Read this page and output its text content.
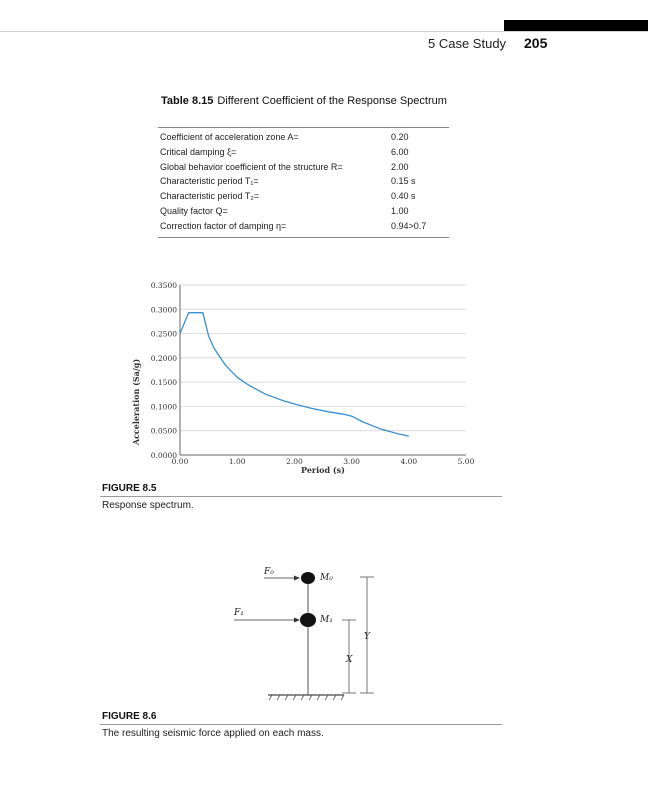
5 Case Study 205
Table 8.15 Different Coefficient of the Response Spectrum
Coefficient of acceleration zone A=	0.20
Critical damping ξ=	6.00
Global behavior coefficient of the structure R=	2.00
Characteristic period T₁=	0.15 s
Characteristic period T₂=	0.40 s
Quality factor Q=	1.00
Correction factor of damping η=	0.94>0.7
0.0000
0.0500
0.1000
0.1500
0.2000
0.2500
0.3000
0.3500
0.00	1.00	2.00	3.00	4.00	5.00
Acceleration (Sa/g)
Period (s)
FIGURE 8.5
Response spectrum.
F₀
M₀
F₁
M₁
Y
X
FIGURE 8.6
The resulting seismic force applied on each mass.
